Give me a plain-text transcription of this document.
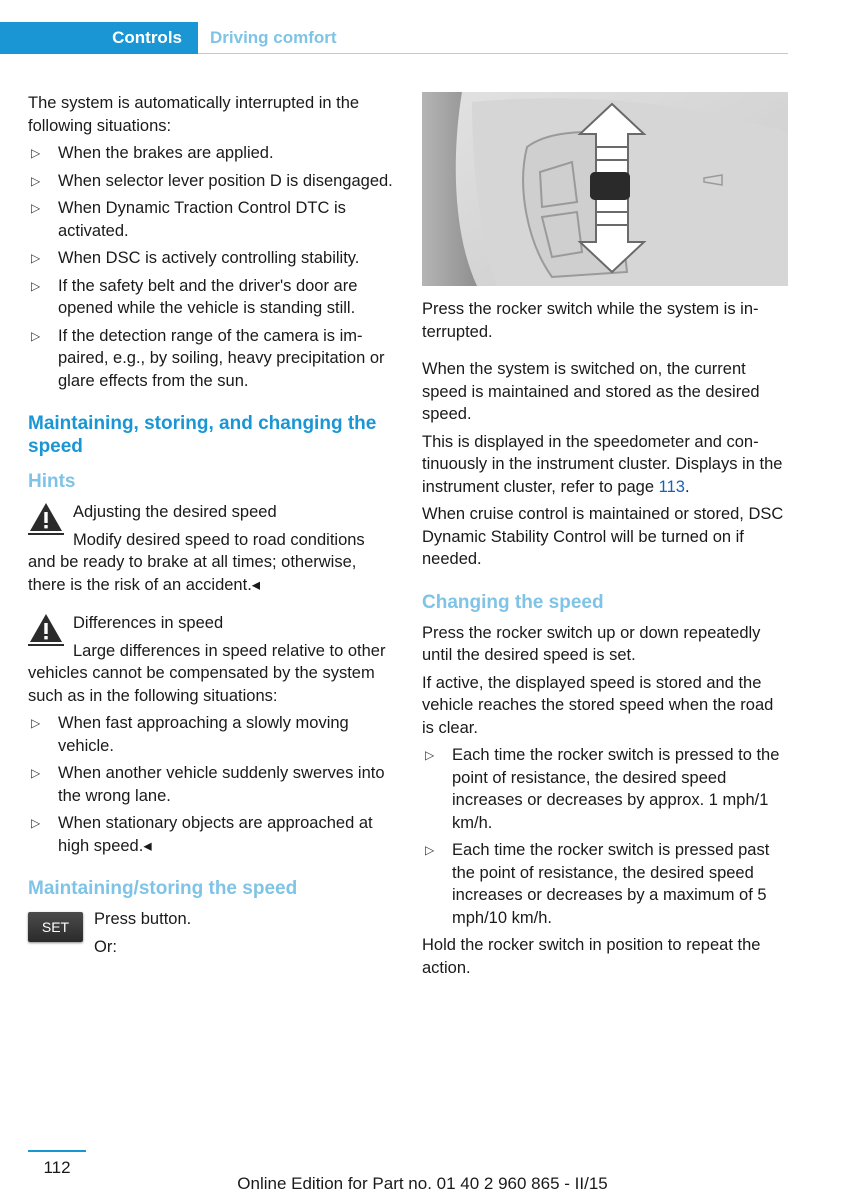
Controls	Driving comfort

The system is automatically interrupted in the following situations:

▷ When the brakes are applied.
▷ When selector lever position D is disengaged.
▷ When Dynamic Traction Control DTC is activated.
▷ When DSC is actively controlling stability.
▷ If the safety belt and the driver's door are opened while the vehicle is standing still.
▷ If the detection range of the camera is impaired, e.g., by soiling, heavy precipitation or glare effects from the sun.
Maintaining, storing, and changing the speed
Hints
Adjusting the desired speed
Modify desired speed to road conditions and be ready to brake at all times; otherwise, there is the risk of an accident.◂
Differences in speed
Large differences in speed relative to other vehicles cannot be compensated by the system such as in the following situations:
▷ When fast approaching a slowly moving vehicle.
▷ When another vehicle suddenly swerves into the wrong lane.
▷ When stationary objects are approached at high speed.◂
Maintaining/storing the speed
SET	Press button.
Or:

Press the rocker switch while the system is interrupted.

When the system is switched on, the current speed is maintained and stored as the desired speed.

This is displayed in the speedometer and continuously in the instrument cluster. Displays in the instrument cluster, refer to page 113.

When cruise control is maintained or stored, DSC Dynamic Stability Control will be turned on if needed.

Changing the speed

Press the rocker switch up or down repeatedly until the desired speed is set.

If active, the displayed speed is stored and the vehicle reaches the stored speed when the road is clear.

▷ Each time the rocker switch is pressed to the point of resistance, the desired speed increases or decreases by approx. 1 mph/1 km/h.
▷ Each time the rocker switch is pressed past the point of resistance, the desired speed increases or decreases by a maximum of 5 mph/10 km/h.

Hold the rocker switch in position to repeat the action.

112
Online Edition for Part no. 01 40 2 960 865 - II/15
